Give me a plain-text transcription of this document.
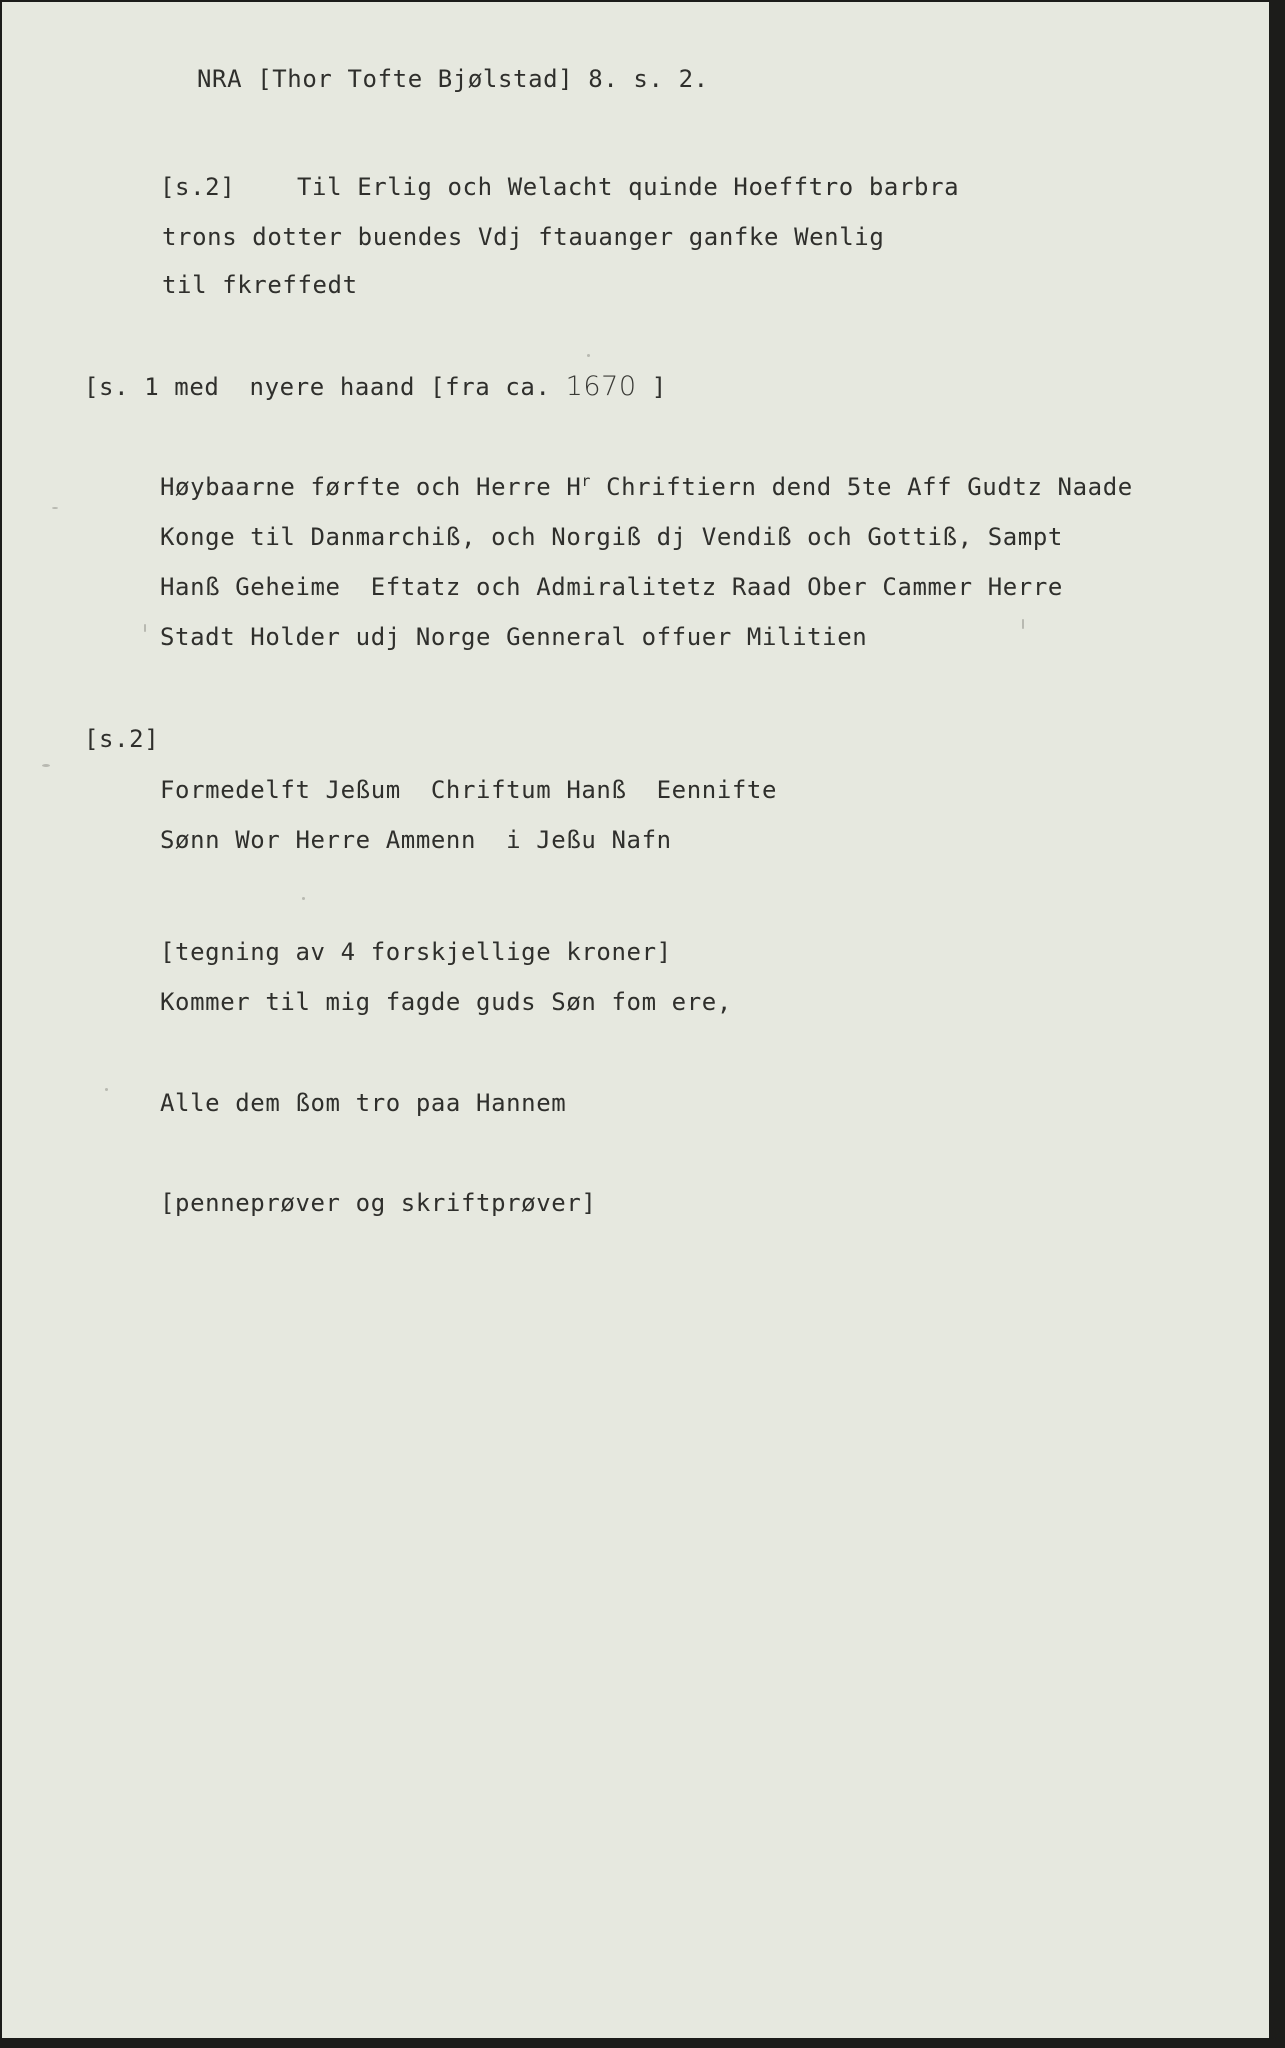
NRA [Thor Tofte Bjølstad] 8. s. 2.
[s.2]	Til Erlig och Welacht quinde Hoefftro barbra
trons dotter buendes Vdj ftauanger ganfke Wenlig
til fkreffedt
[s. 1 med  nyere haand [fra ca. 1670 ]
Høybaarne førfte och Herre $H^r$ Chriftiern dend 5te Aff Gudtz Naade
Konge til Danmarchiß, och Norgiß dj Vendiß och Gottiß, Sampt
Hanß Geheime  Eftatz och Admiralitetz Raad Ober Cammer Herre
Stadt Holder udj Norge Genneral offuer Militien
[s.2]
Formedelft Jeßum  Chriftum Hanß  Eennifte
Sønn Wor Herre Ammenn  i Jeßu Nafn
[tegning av 4 forskjellige kroner]
Kommer til mig fagde guds Søn fom ere,
Alle dem ßom tro paa Hannem
[penneprøver og skriftprøver]
